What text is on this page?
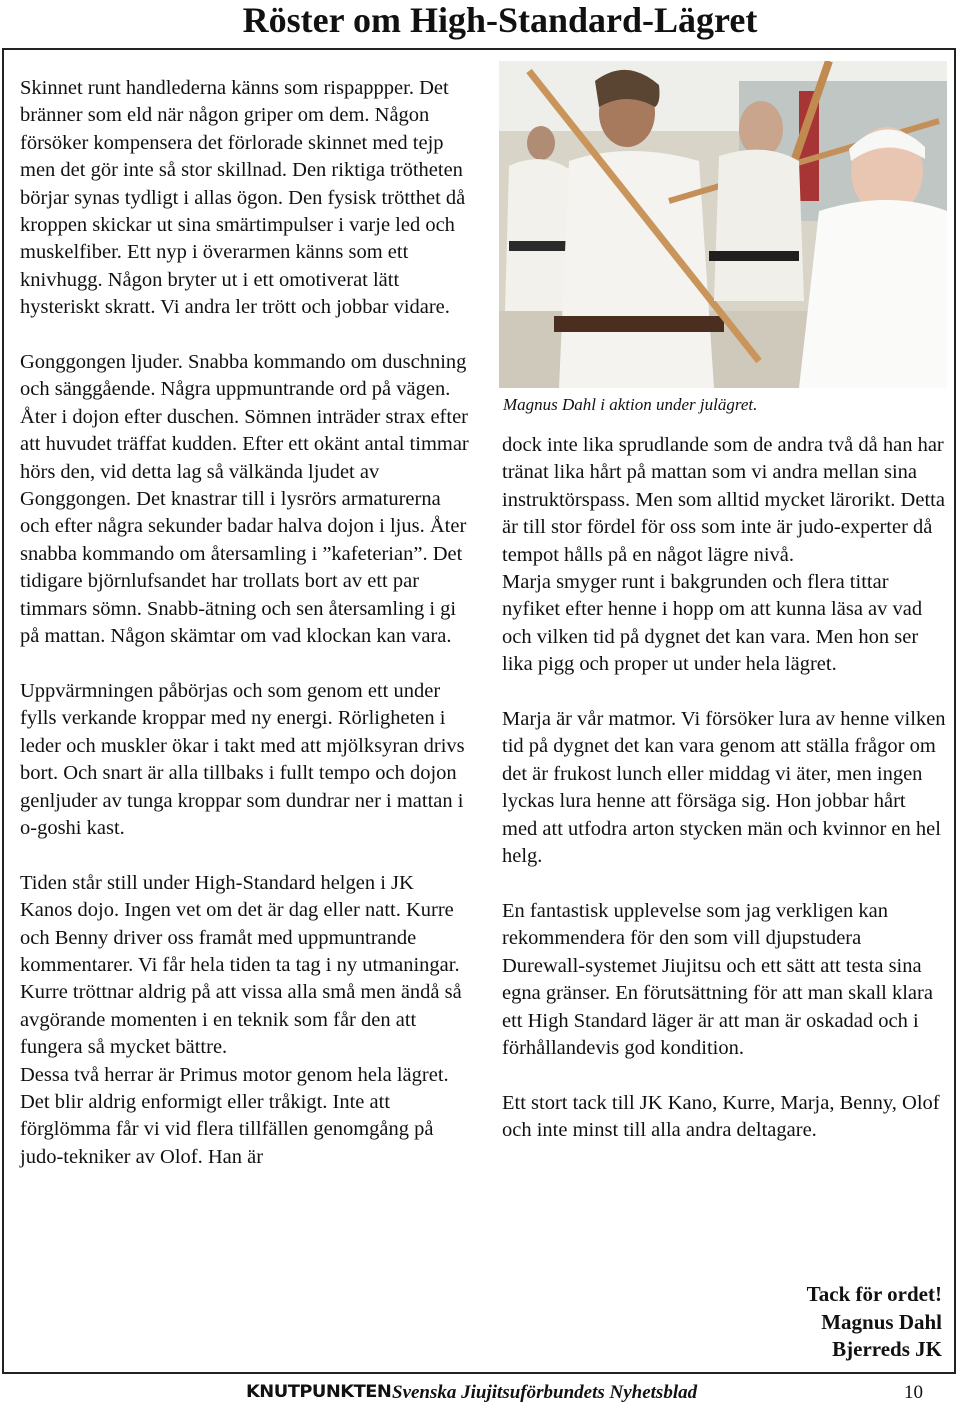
Röster om High-Standard-Lägret

Skinnet runt handlederna känns som rispappper. Det bränner som eld när någon griper om dem. Någon försöker kompensera det förlorade skinnet med tejp men det gör inte så stor skillnad. Den riktiga trötheten börjar synas tydligt i allas ögon. Den fysisk trötthet då kroppen skickar ut sina smärtimpulser i varje led och muskelfiber. Ett nyp i överarmen känns som ett knivhugg. Någon bryter ut i ett omotiverat lätt hysteriskt skratt. Vi andra ler trött och jobbar vidare.

Gonggongen ljuder. Snabba kommando om duschning och sänggående. Några uppmuntrande ord på vägen. Åter i dojon efter duschen. Sömnen inträder strax efter att huvudet träffat kudden. Efter ett okänt antal timmar hörs den, vid detta lag så välkända ljudet av Gonggongen. Det knastrar till i lysrörs armaturerna och efter några sekunder badar halva dojon i ljus. Åter snabba kommando om återsamling i ”kafeterian”. Det tidigare björnlufsandet har trollats bort av ett par timmars sömn. Snabb-ätning och sen återsamling i gi på mattan. Någon skämtar om vad klockan kan vara.

Uppvärmningen påbörjas och som genom ett under fylls verkande kroppar med ny energi. Rörligheten i leder och muskler ökar i takt med att mjölksyran drivs bort. Och snart är alla tillbaks i fullt tempo och dojon genljuder av tunga kroppar som dundrar ner i mattan i o-goshi kast.

Tiden står still under High-Standard helgen i JK Kanos dojo. Ingen vet om det är dag eller natt. Kurre och Benny driver oss framåt med uppmuntrande kommentarer. Vi får hela tiden ta tag i ny utmaningar. Kurre tröttnar aldrig på att vissa alla små men ändå så avgörande momenten i en teknik som får den att fungera så mycket bättre.

Dessa två herrar är Primus motor genom hela lägret. Det blir aldrig enformigt eller tråkigt. Inte att förglömma får vi vid flera tillfällen genomgång på judo-tekniker av Olof. Han är

Magnus Dahl i aktion under julägret.

dock inte lika sprudlande som de andra två då han har tränat lika hårt på mattan som vi andra mellan sina instruktörspass. Men som alltid mycket lärorikt. Detta är till stor fördel för oss som inte är judo-experter då tempot hålls på en något lägre nivå.

Marja smyger runt i bakgrunden och flera tittar nyfiket efter henne i hopp om att kunna läsa av vad och vilken tid på dygnet det kan vara. Men hon ser lika pigg och proper ut under hela lägret.

Marja är vår matmor. Vi försöker lura av henne vilken tid på dygnet det kan vara genom att ställa frågor om det är frukost lunch eller middag vi äter, men ingen lyckas lura henne att försäga sig. Hon jobbar hårt med att utfodra arton stycken män och kvinnor en hel helg.

En fantastisk upplevelse som jag verkligen kan rekommendera för den som vill djupstudera Durewall-systemet Jiujitsu och ett sätt att testa sina egna gränser. En förutsättning för att man skall klara ett High Standard läger är att man är oskadad och i förhållandevis god kondition.

Ett stort tack till JK Kano, Kurre, Marja, Benny, Olof och inte minst till alla andra deltagare.

Tack för ordet!
Magnus Dahl
Bjerreds JK
KNUTPUNKTEN Svenska Jiujitsuförbundets Nyhetsblad	10
